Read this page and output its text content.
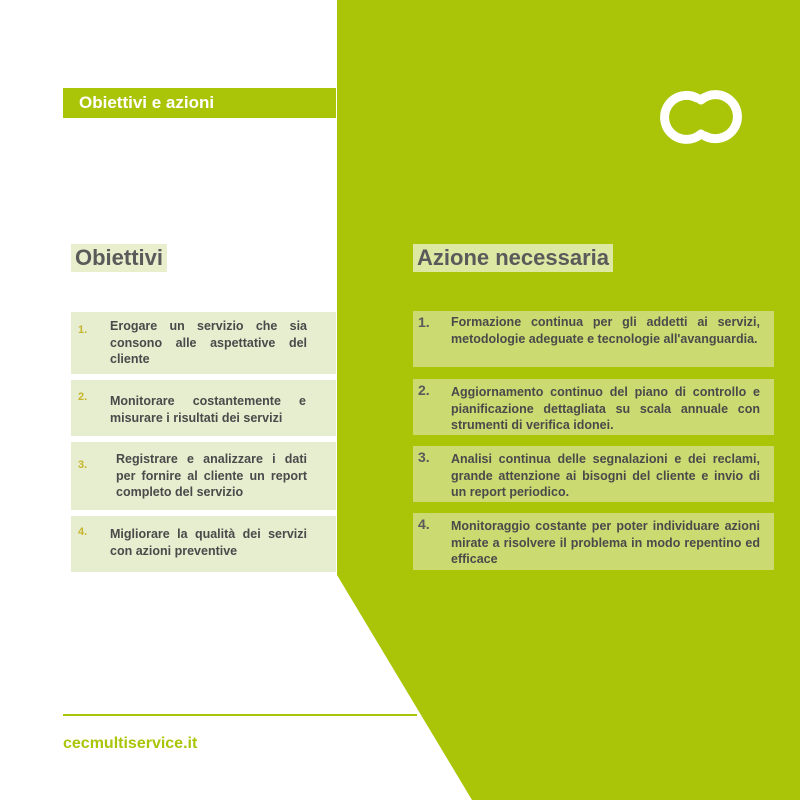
Obiettivi e azioni
Obiettivi
1. Erogare un servizio che sia consono alle aspettative del cliente
2. Monitorare costantemente e misurare i risultati dei servizi
3. Registrare e analizzare i dati per fornire al cliente un report completo del servizio
4. Migliorare la qualità dei servizi con azioni preventive
Azione necessaria
1. Formazione continua per gli addetti ai servizi, metodologie adeguate e tecnologie all'avanguardia.
2. Aggiornamento continuo del piano di controllo e pianificazione dettagliata su scala annuale con strumenti di verifica idonei.
3. Analisi continua delle segnalazioni e dei reclami, grande attenzione ai bisogni del cliente e invio di un report periodico.
4. Monitoraggio costante per poter individuare azioni mirate a risolvere il problema in modo repentino ed efficace
cecmultiservice.it
